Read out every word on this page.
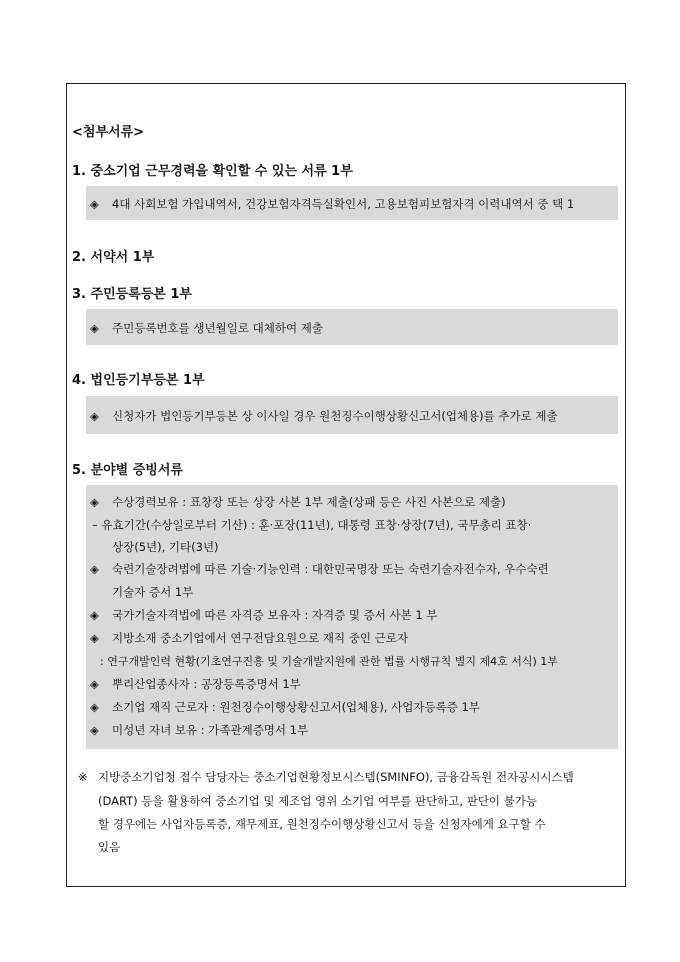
<첨부서류>
1. 중소기업 근무경력을 확인할 수 있는 서류 1부
◈ 4대 사회보험 가입내역서, 건강보험자격득실확인서, 고용보험피보험자격 이력내역서 중 택 1
2. 서약서 1부
3. 주민등록등본 1부
◈ 주민등록번호를 생년월일로 대체하여 제출
4. 법인등기부등본 1부
◈ 신청자가 법인등기부등본 상 이사일 경우 원천징수이행상황신고서(업체용)를 추가로 제출
5. 분야별 증빙서류
◈ 수상경력보유 : 표창장 또는 상장 사본 1부 제출(상패 등은 사진 사본으로 제출)
– 유효기간(수상일로부터 기산) : 훈·포장(11년), 대통령 표창·상장(7년), 국무총리 표창·
상장(5년), 기타(3년)
◈ 숙련기술장려법에 따른 기술·기능인력 : 대한민국명장 또는 숙련기술자전수자, 우수숙련
기술자 증서 1부
◈ 국가기술자격법에 따른 자격증 보유자 : 자격증 및 증서 사본 1 부
◈ 지방소재 중소기업에서 연구전담요원으로 재직 중인 근로자
: 연구개발인력 현황(기초연구진흥 및 기술개발지원에 관한 법률 시행규칙 별지 제4호 서식) 1부
◈ 뿌리산업종사자 : 공장등록증명서 1부
◈ 소기업 재직 근로자 : 원천징수이행상황신고서(업체용), 사업자등록증 1부
◈ 미성년 자녀 보유 : 가족관계증명서 1부
※ 지방중소기업청 접수 담당자는 중소기업현황정보시스템(SMINFO), 금융감독원 전자공시시스템
(DART) 등을 활용하여 중소기업 및 제조업 영위 소기업 여부를 판단하고, 판단이 불가능
할 경우에는 사업자등록증, 재무제표, 원천징수이행상황신고서 등을 신청자에게 요구할 수
있음
